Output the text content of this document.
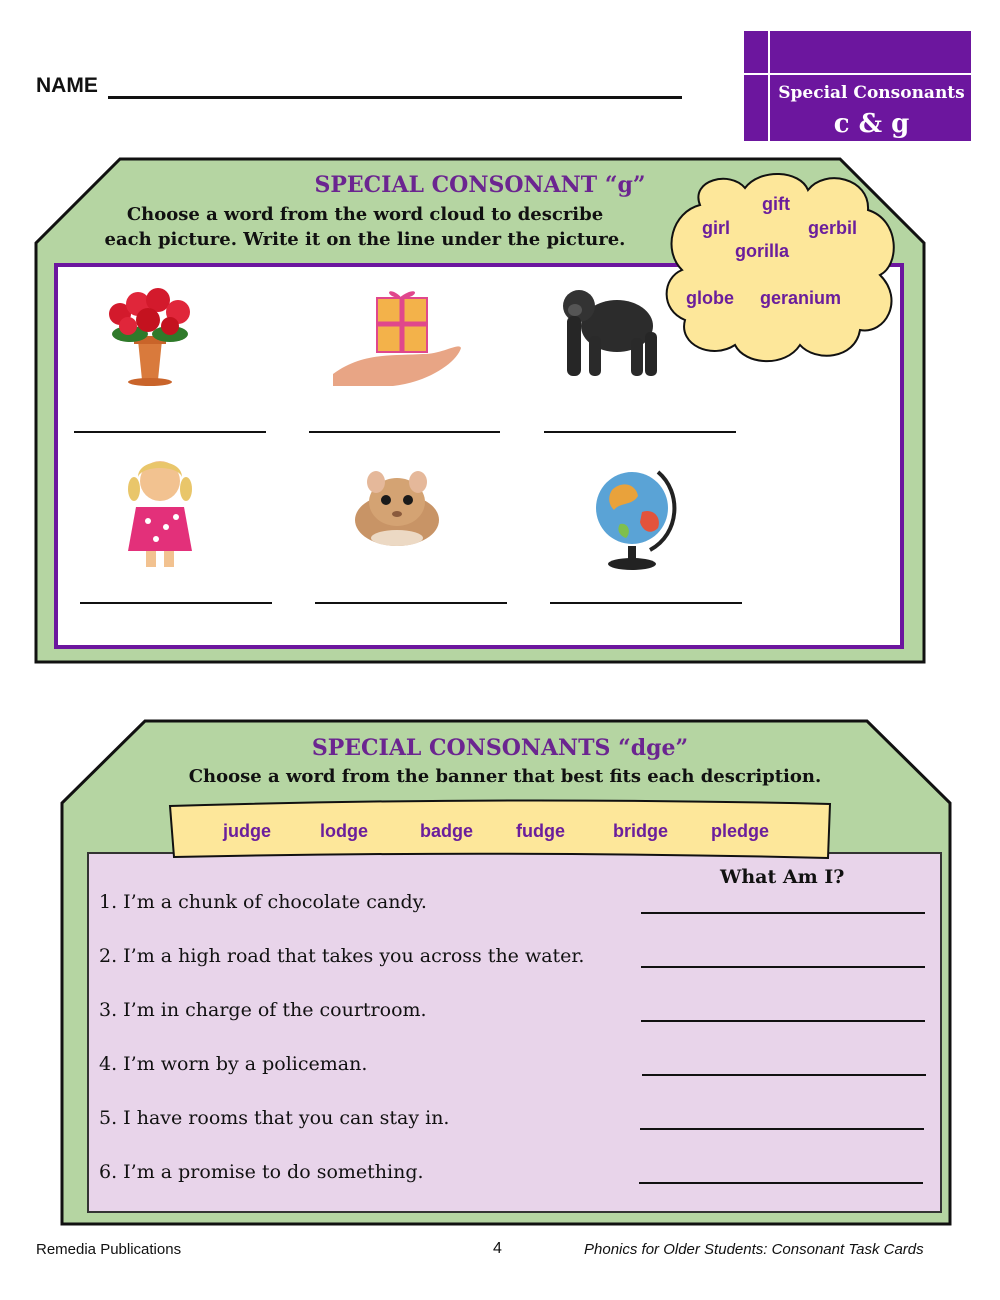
NAME	Special Consonants
c & g
SPECIAL CONSONANT “g”
Choose a word from the word cloud to describe
each picture. Write it on the line under the picture.
gift
girl	gerbil
gorilla
globe geranium
SPECIAL CONSONANTS “dge”
Choose a word from the banner that best fits each description.
judge	lodge	badge fudge	bridge pledge
What Am I?
1. I’m a chunk of chocolate candy.
2. I’m a high road that takes you across the water.
3. I’m in charge of the courtroom.
4. I’m worn by a policeman.
5. I have rooms that you can stay in.
6. I’m a promise to do something.
Remedia Publications	4	Phonics for Older Students: Consonant Task Cards
